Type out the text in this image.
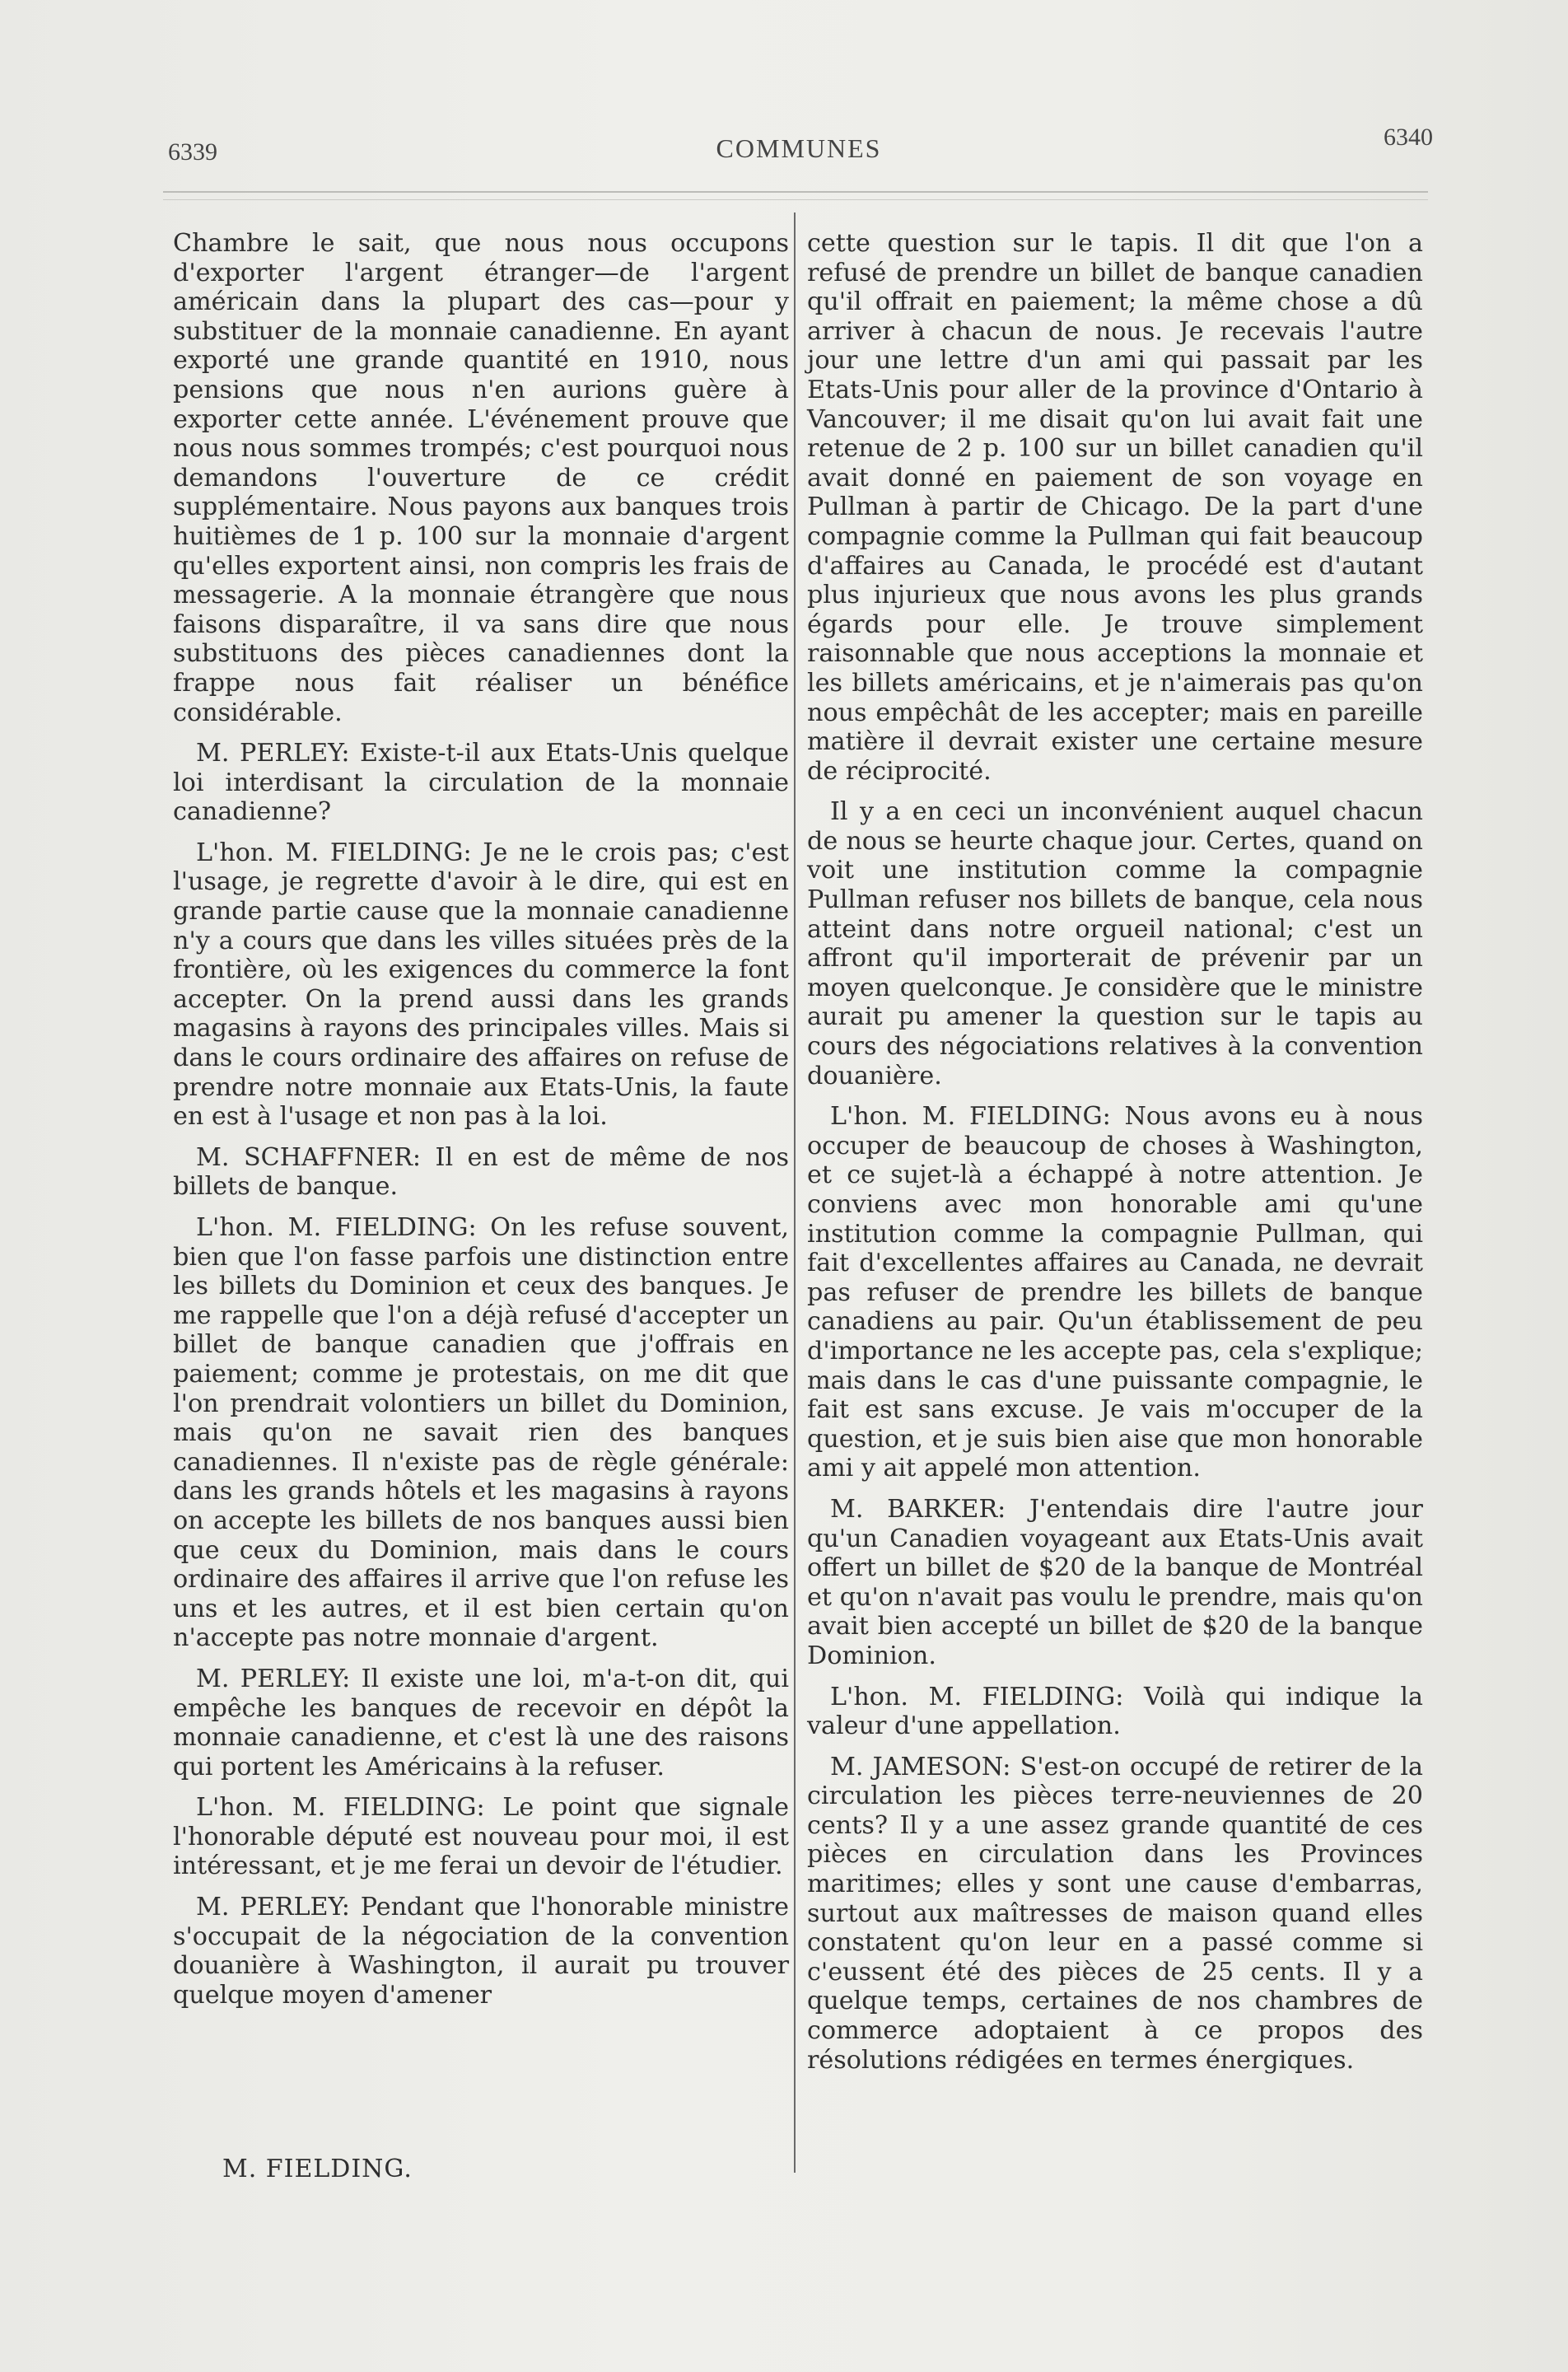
6339	COMMUNES	6340

Chambre le sait, que nous nous occupons d'exporter l'argent étranger—de l'argent américain dans la plupart des cas—pour y substituer de la monnaie canadienne. En ayant exporté une grande quantité en 1910, nous pensions que nous n'en aurions guère à exporter cette année. L'événement prouve que nous nous sommes trompés; c'est pourquoi nous demandons l'ouverture de ce crédit supplémentaire. Nous payons aux banques trois huitièmes de 1 p. 100 sur la monnaie d'argent qu'elles exportent ainsi, non compris les frais de messagerie. A la monnaie étrangère que nous faisons disparaître, il va sans dire que nous substituons des pièces canadiennes dont la frappe nous fait réaliser un bénéfice considérable.

M. PERLEY: Existe-t-il aux Etats-Unis quelque loi interdisant la circulation de la monnaie canadienne?

L'hon. M. FIELDING: Je ne le crois pas; c'est l'usage, je regrette d'avoir à le dire, qui est en grande partie cause que la monnaie canadienne n'y a cours que dans les villes situées près de la frontière, où les exigences du commerce la font accepter. On la prend aussi dans les grands magasins à rayons des principales villes. Mais si dans le cours ordinaire des affaires on refuse de prendre notre monnaie aux Etats-Unis, la faute en est à l'usage et non pas à la loi.

M. SCHAFFNER: Il en est de même de nos billets de banque.

L'hon. M. FIELDING: On les refuse souvent, bien que l'on fasse parfois une distinction entre les billets du Dominion et ceux des banques. Je me rappelle que l'on a déjà refusé d'accepter un billet de banque canadien que j'offrais en paiement; comme je protestais, on me dit que l'on prendrait volontiers un billet du Dominion, mais qu'on ne savait rien des banques canadiennes. Il n'existe pas de règle générale: dans les grands hôtels et les magasins à rayons on accepte les billets de nos banques aussi bien que ceux du Dominion, mais dans le cours ordinaire des affaires il arrive que l'on refuse les uns et les autres, et il est bien certain qu'on n'accepte pas notre monnaie d'argent.

M. PERLEY: Il existe une loi, m'a-t-on dit, qui empêche les banques de recevoir en dépôt la monnaie canadienne, et c'est là une des raisons qui portent les Américains à la refuser.

L'hon. M. FIELDING: Le point que signale l'honorable député est nouveau pour moi, il est intéressant, et je me ferai un devoir de l'étudier.

M. PERLEY: Pendant que l'honorable ministre s'occupait de la négociation de la convention douanière à Washington, il aurait pu trouver quelque moyen d'amener

M. FIELDING.

cette question sur le tapis. Il dit que l'on a refusé de prendre un billet de banque canadien qu'il offrait en paiement; la même chose a dû arriver à chacun de nous. Je recevais l'autre jour une lettre d'un ami qui passait par les Etats-Unis pour aller de la province d'Ontario à Vancouver; il me disait qu'on lui avait fait une retenue de 2 p. 100 sur un billet canadien qu'il avait donné en paiement de son voyage en Pullman à partir de Chicago. De la part d'une compagnie comme la Pullman qui fait beaucoup d'affaires au Canada, le procédé est d'autant plus injurieux que nous avons les plus grands égards pour elle. Je trouve simplement raisonnable que nous acceptions la monnaie et les billets américains, et je n'aimerais pas qu'on nous empêchât de les accepter; mais en pareille matière il devrait exister une certaine mesure de réciprocité.

Il y a en ceci un inconvénient auquel chacun de nous se heurte chaque jour. Certes, quand on voit une institution comme la compagnie Pullman refuser nos billets de banque, cela nous atteint dans notre orgueil national; c'est un affront qu'il importerait de prévenir par un moyen quelconque. Je considère que le ministre aurait pu amener la question sur le tapis au cours des négociations relatives à la convention douanière.

L'hon. M. FIELDING: Nous avons eu à nous occuper de beaucoup de choses à Washington, et ce sujet-là a échappé à notre attention. Je conviens avec mon honorable ami qu'une institution comme la compagnie Pullman, qui fait d'excellentes affaires au Canada, ne devrait pas refuser de prendre les billets de banque canadiens au pair. Qu'un établissement de peu d'importance ne les accepte pas, cela s'explique; mais dans le cas d'une puissante compagnie, le fait est sans excuse. Je vais m'occuper de la question, et je suis bien aise que mon honorable ami y ait appelé mon attention.

M. BARKER: J'entendais dire l'autre jour qu'un Canadien voyageant aux Etats-Unis avait offert un billet de $20 de la banque de Montréal et qu'on n'avait pas voulu le prendre, mais qu'on avait bien accepté un billet de $20 de la banque Dominion.

L'hon. M. FIELDING: Voilà qui indique la valeur d'une appellation.

M. JAMESON: S'est-on occupé de retirer de la circulation les pièces terre-neuviennes de 20 cents? Il y a une assez grande quantité de ces pièces en circulation dans les Provinces maritimes; elles y sont une cause d'embarras, surtout aux maîtresses de maison quand elles constatent qu'on leur en a passé comme si c'eussent été des pièces de 25 cents. Il y a quelque temps, certaines de nos chambres de commerce adoptaient à ce propos des résolutions rédigées en termes énergiques.
